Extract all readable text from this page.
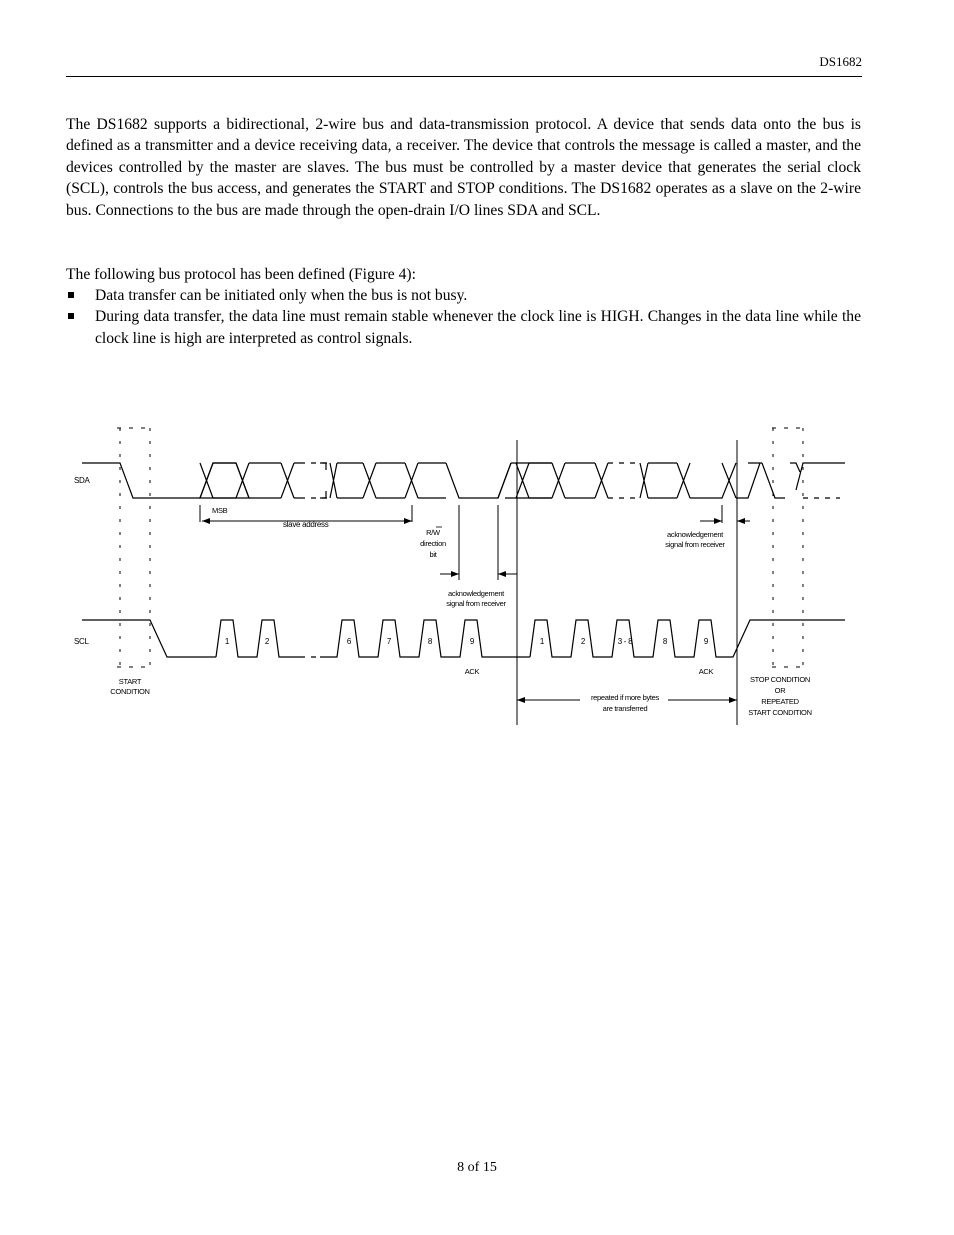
DS1682
The DS1682 supports a bidirectional, 2-wire bus and data-transmission protocol. A device that sends data onto the bus is defined as a transmitter and a device receiving data, a receiver. The device that controls the message is called a master, and the devices controlled by the master are slaves. The bus must be controlled by a master device that generates the serial clock (SCL), controls the bus access, and generates the START and STOP conditions. The DS1682 operates as a slave on the 2-wire bus. Connections to the bus are made through the open-drain I/O lines SDA and SCL.
The following bus protocol has been defined (Figure 4):
Data transfer can be initiated only when the bus is not busy.
During data transfer, the data line must remain stable whenever the clock line is HIGH. Changes in the data line while the clock line is high are interpreted as control signals.
SDA
SCL
MSB
slave address
R/W
direction
bit
acknowledgement
signal from receiver
acknowledgement
signal from receiver
1	2	6	7	8	9	1	2	3 - 8	8	9
ACK	ACK
START
CONDITION
repeated if more bytes
are transferred
STOP CONDITION
OR
REPEATED
START CONDITION
8 of 15
